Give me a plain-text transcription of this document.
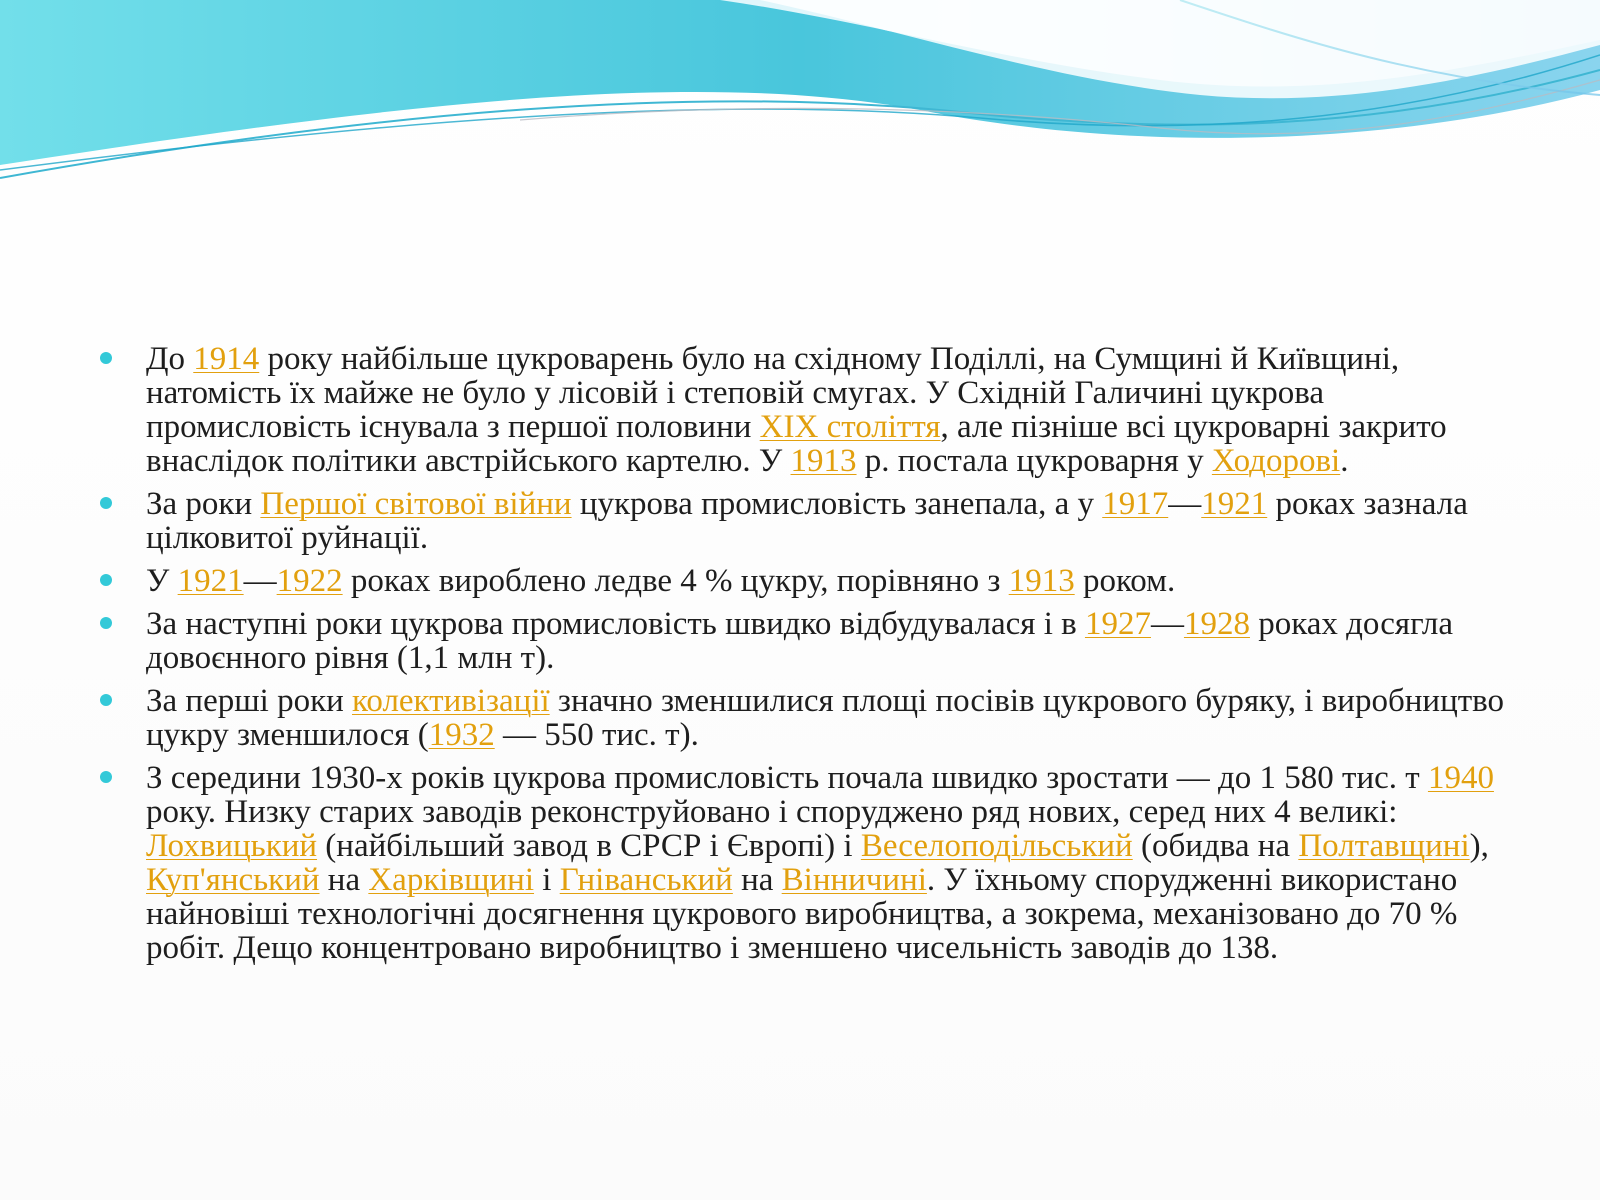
До 1914 року найбільше цукроварень було на східному Поділлі, на Сумщині й Київщині, натомість їх майже не було у лісовій і степовій смугах. У Східній Галичині цукрова промисловість існувала з першої половини XIX століття, але пізніше всі цукроварні закрито внаслідок політики австрійського картелю. У 1913 р. постала цукроварня у Ходорові.
За роки Першої світової війни цукрова промисловість занепала, а у 1917—1921 роках зазнала цілковитої руйнації.
У 1921—1922 роках вироблено ледве 4 % цукру, порівняно з 1913 роком.
За наступні роки цукрова промисловість швидко відбудувалася і в 1927—1928 роках досягла довоєнного рівня (1,1 млн т).
За перші роки колективізації значно зменшилися площі посівів цукрового буряку, і виробництво цукру зменшилося (1932 — 550 тис. т).
З середини 1930-х років цукрова промисловість почала швидко зростати — до 1 580 тис. т 1940 року. Низку старих заводів реконструйовано і споруджено ряд нових, серед них 4 великі: Лохвицький (найбільший завод в СРСР і Європі) і Веселоподільський (обидва на Полтавщині), Куп'янський на Харківщині і Гніванський на Вінничині. У їхньому спорудженні використано найновіші технологічні досягнення цукрового виробництва, а зокрема, механізовано до 70 % робіт. Дещо концентровано виробництво і зменшено чисельність заводів до 138.
